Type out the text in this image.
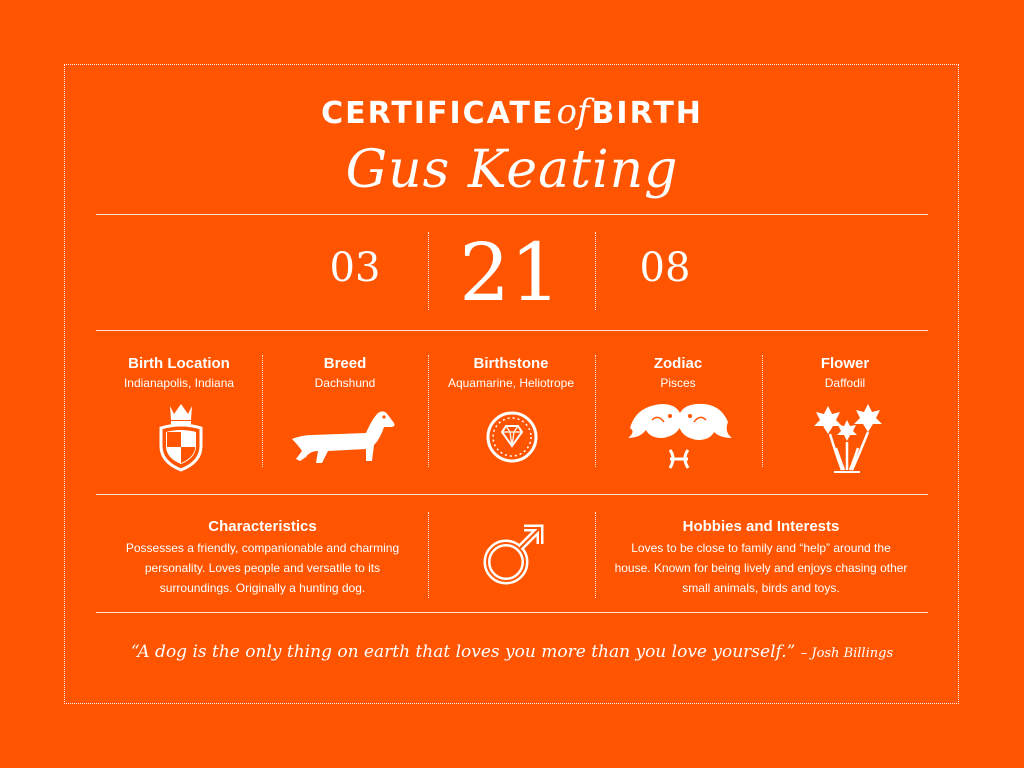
CERTIFICATEofBIRTH
Gus Keating
03 21	08
Birth Location
Indianapolis, Indiana
Breed
Dachshund
Birthstone
Aquamarine, Heliotrope
Zodiac
Pisces
Flower
Daffodil
Characteristics
Possesses a friendly, companionable and charming personality. Loves people and versatile to its surroundings. Originally a hunting dog.
Hobbies and Interests
Loves to be close to family and “help” around the house. Known for being lively and enjoys chasing other small animals, birds and toys.
“A dog is the only thing on earth that loves you more than you love yourself.” – Josh Billings
